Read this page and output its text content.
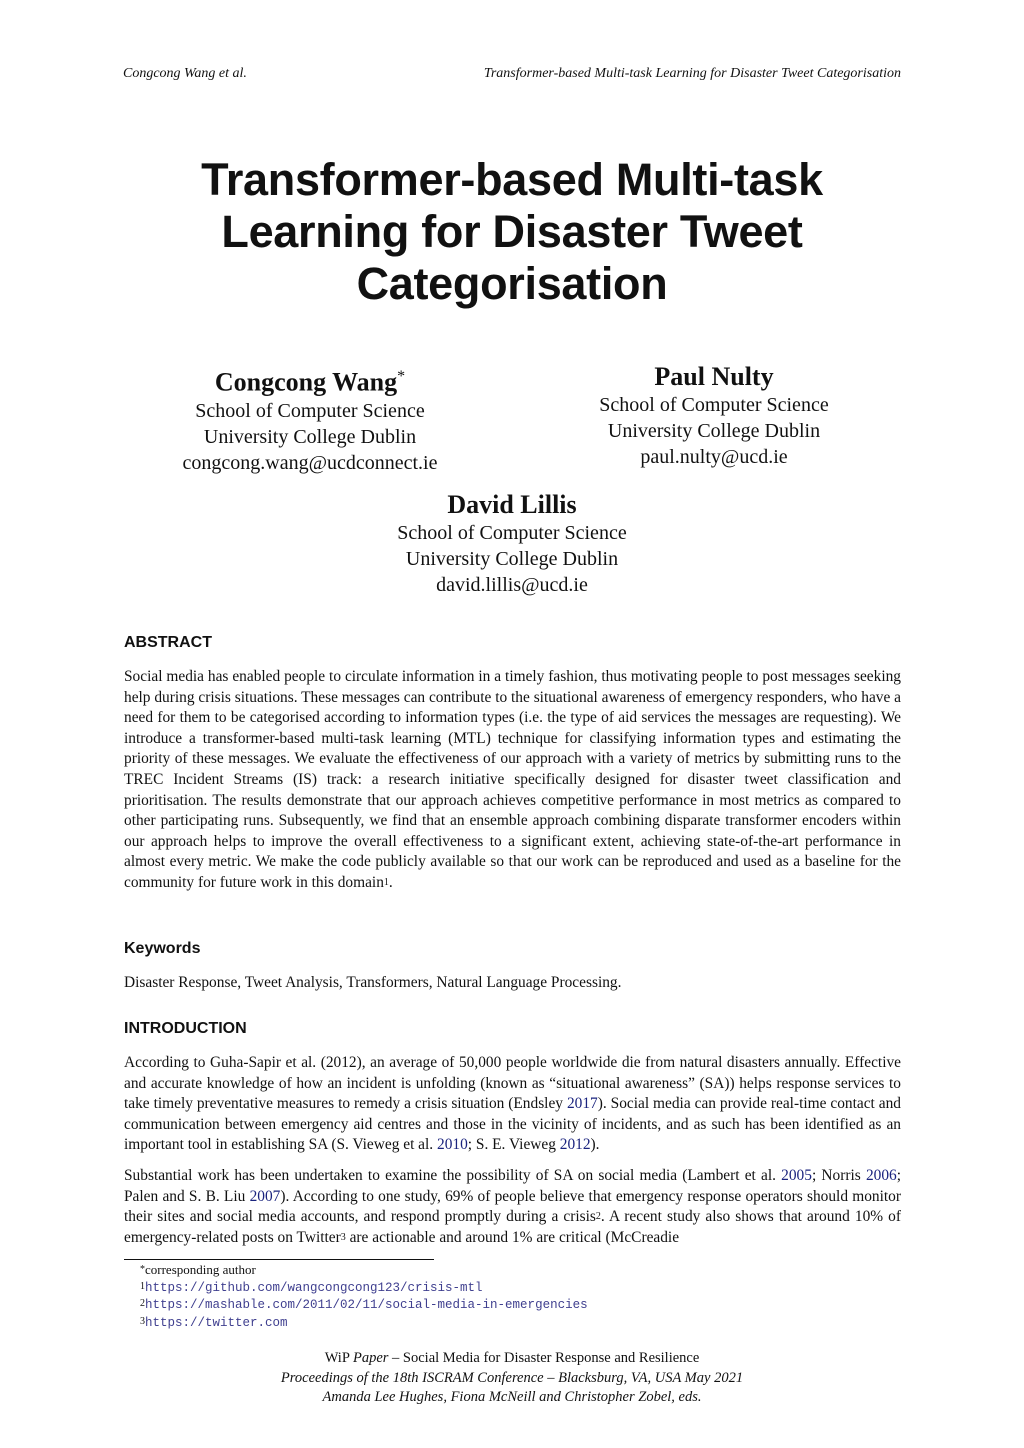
Congcong Wang et al.	Transformer-based Multi-task Learning for Disaster Tweet Categorisation
Transformer-based Multi-task
Learning for Disaster Tweet
Categorisation
Congcong Wang*
School of Computer Science
University College Dublin
congcong.wang@ucdconnect.ie
Paul Nulty
School of Computer Science
University College Dublin
paul.nulty@ucd.ie
David Lillis
School of Computer Science
University College Dublin
david.lillis@ucd.ie
ABSTRACT
Social media has enabled people to circulate information in a timely fashion, thus motivating people to post messages seeking help during crisis situations. These messages can contribute to the situational awareness of emergency responders, who have a need for them to be categorised according to information types (i.e. the type of aid services the messages are requesting). We introduce a transformer-based multi-task learning (MTL) technique for classifying information types and estimating the priority of these messages. We evaluate the effectiveness of our approach with a variety of metrics by submitting runs to the TREC Incident Streams (IS) track: a research initiative specifically designed for disaster tweet classification and prioritisation. The results demonstrate that our approach achieves competitive performance in most metrics as compared to other participating runs. Subsequently, we find that an ensemble approach combining disparate transformer encoders within our approach helps to improve the overall effectiveness to a significant extent, achieving state-of-the-art performance in almost every metric. We make the code publicly available so that our work can be reproduced and used as a baseline for the community for future work in this domain$^1$.
Keywords
Disaster Response, Tweet Analysis, Transformers, Natural Language Processing.
INTRODUCTION
According to Guha-Sapir et al. (2012), an average of 50,000 people worldwide die from natural disasters annually. Effective and accurate knowledge of how an incident is unfolding (known as “situational awareness” (SA)) helps response services to take timely preventative measures to remedy a crisis situation (Endsley 2017). Social media can provide real-time contact and communication between emergency aid centres and those in the vicinity of incidents, and as such has been identified as an important tool in establishing SA (S. Vieweg et al. 2010; S. E. Vieweg 2012).
Substantial work has been undertaken to examine the possibility of SA on social media (Lambert et al. 2005; Norris 2006; Palen and S. B. Liu 2007). According to one study, 69% of people believe that emergency response operators should monitor their sites and social media accounts, and respond promptly during a crisis$^2$. A recent study also shows that around 10% of emergency-related posts on Twitter$^3$ are actionable and around 1% are critical (McCreadie
*corresponding author
$^1$https://github.com/wangcongcong123/crisis-mtl
$^2$https://mashable.com/2011/02/11/social-media-in-emergencies
$^3$https://twitter.com
WiP Paper – Social Media for Disaster Response and Resilience
Proceedings of the 18th ISCRAM Conference – Blacksburg, VA, USA May 2021
Amanda Lee Hughes, Fiona McNeill and Christopher Zobel, eds.
